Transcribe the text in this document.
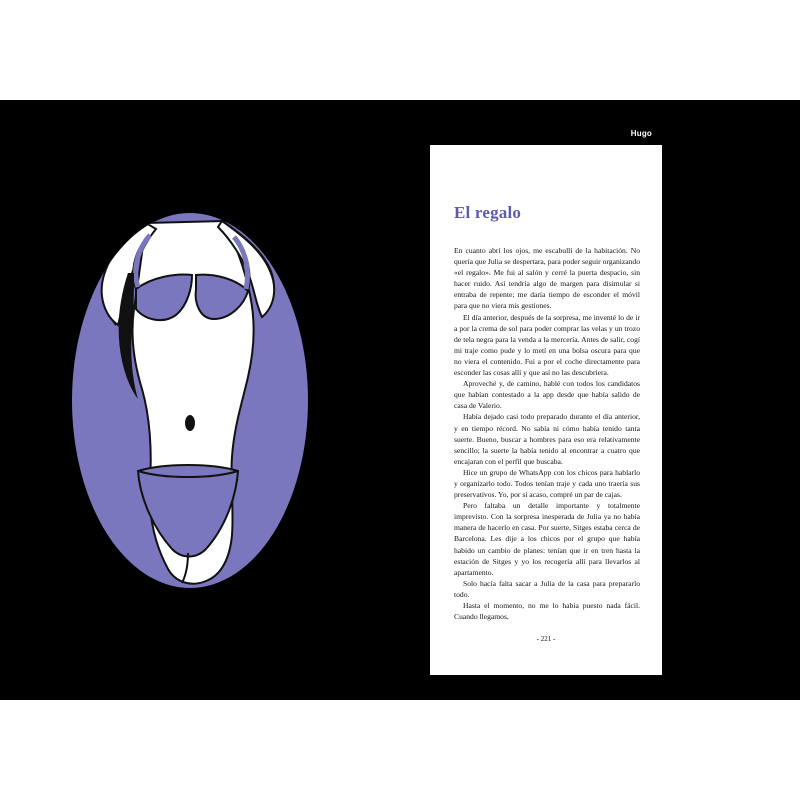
Hugo
El regalo

En cuanto abrí los ojos, me escabullí de la habitación. No quería que Julia se despertara, para poder seguir organizando «el regalo». Me fui al salón y cerré la puerta despacio, sin hacer ruido. Así tendría algo de margen para disimular si entraba de repente; me daría tiempo de esconder el móvil para que no viera mis gestiones.

El día anterior, después de la sorpresa, me inventé lo de ir a por la crema de sol para poder comprar las velas y un trozo de tela negra para la venda a la mercería. Antes de salir, cogí mi traje como pude y lo metí en una bolsa oscura para que no viera el contenido. Fui a por el coche directamente para esconder las cosas allí y que así no las descubriera.

Aproveché y, de camino, hablé con todos los candidatos que habían contestado a la app desde que había salido de casa de Valerio.

Había dejado casi todo preparado durante el día anterior, y en tiempo récord. No sabía ni cómo había tenido tanta suerte. Bueno, buscar a hombres para eso era relativamente sencillo; la suerte la había tenido al encontrar a cuatro que encajaran con el perfil que buscaba.

Hice un grupo de WhatsApp con los chicos para hablarlo y organizarlo todo. Todos tenían traje y cada uno traería sus preservativos. Yo, por si acaso, compré un par de cajas.

Pero faltaba un detalle importante y totalmente imprevisto. Con la sorpresa inesperada de Julia ya no había manera de hacerlo en casa. Por suerte, Sitges estaba cerca de Barcelona. Les dije a los chicos por el grupo que había habido un cambio de planes: tenían que ir en tren hasta la estación de Sitges y yo los recogería allí para llevarlos al apartamento.

Solo hacía falta sacar a Julia de la casa para prepararlo todo.

Hasta el momento, no me lo había puesto nada fácil. Cuando llegamos,

- 221 -
